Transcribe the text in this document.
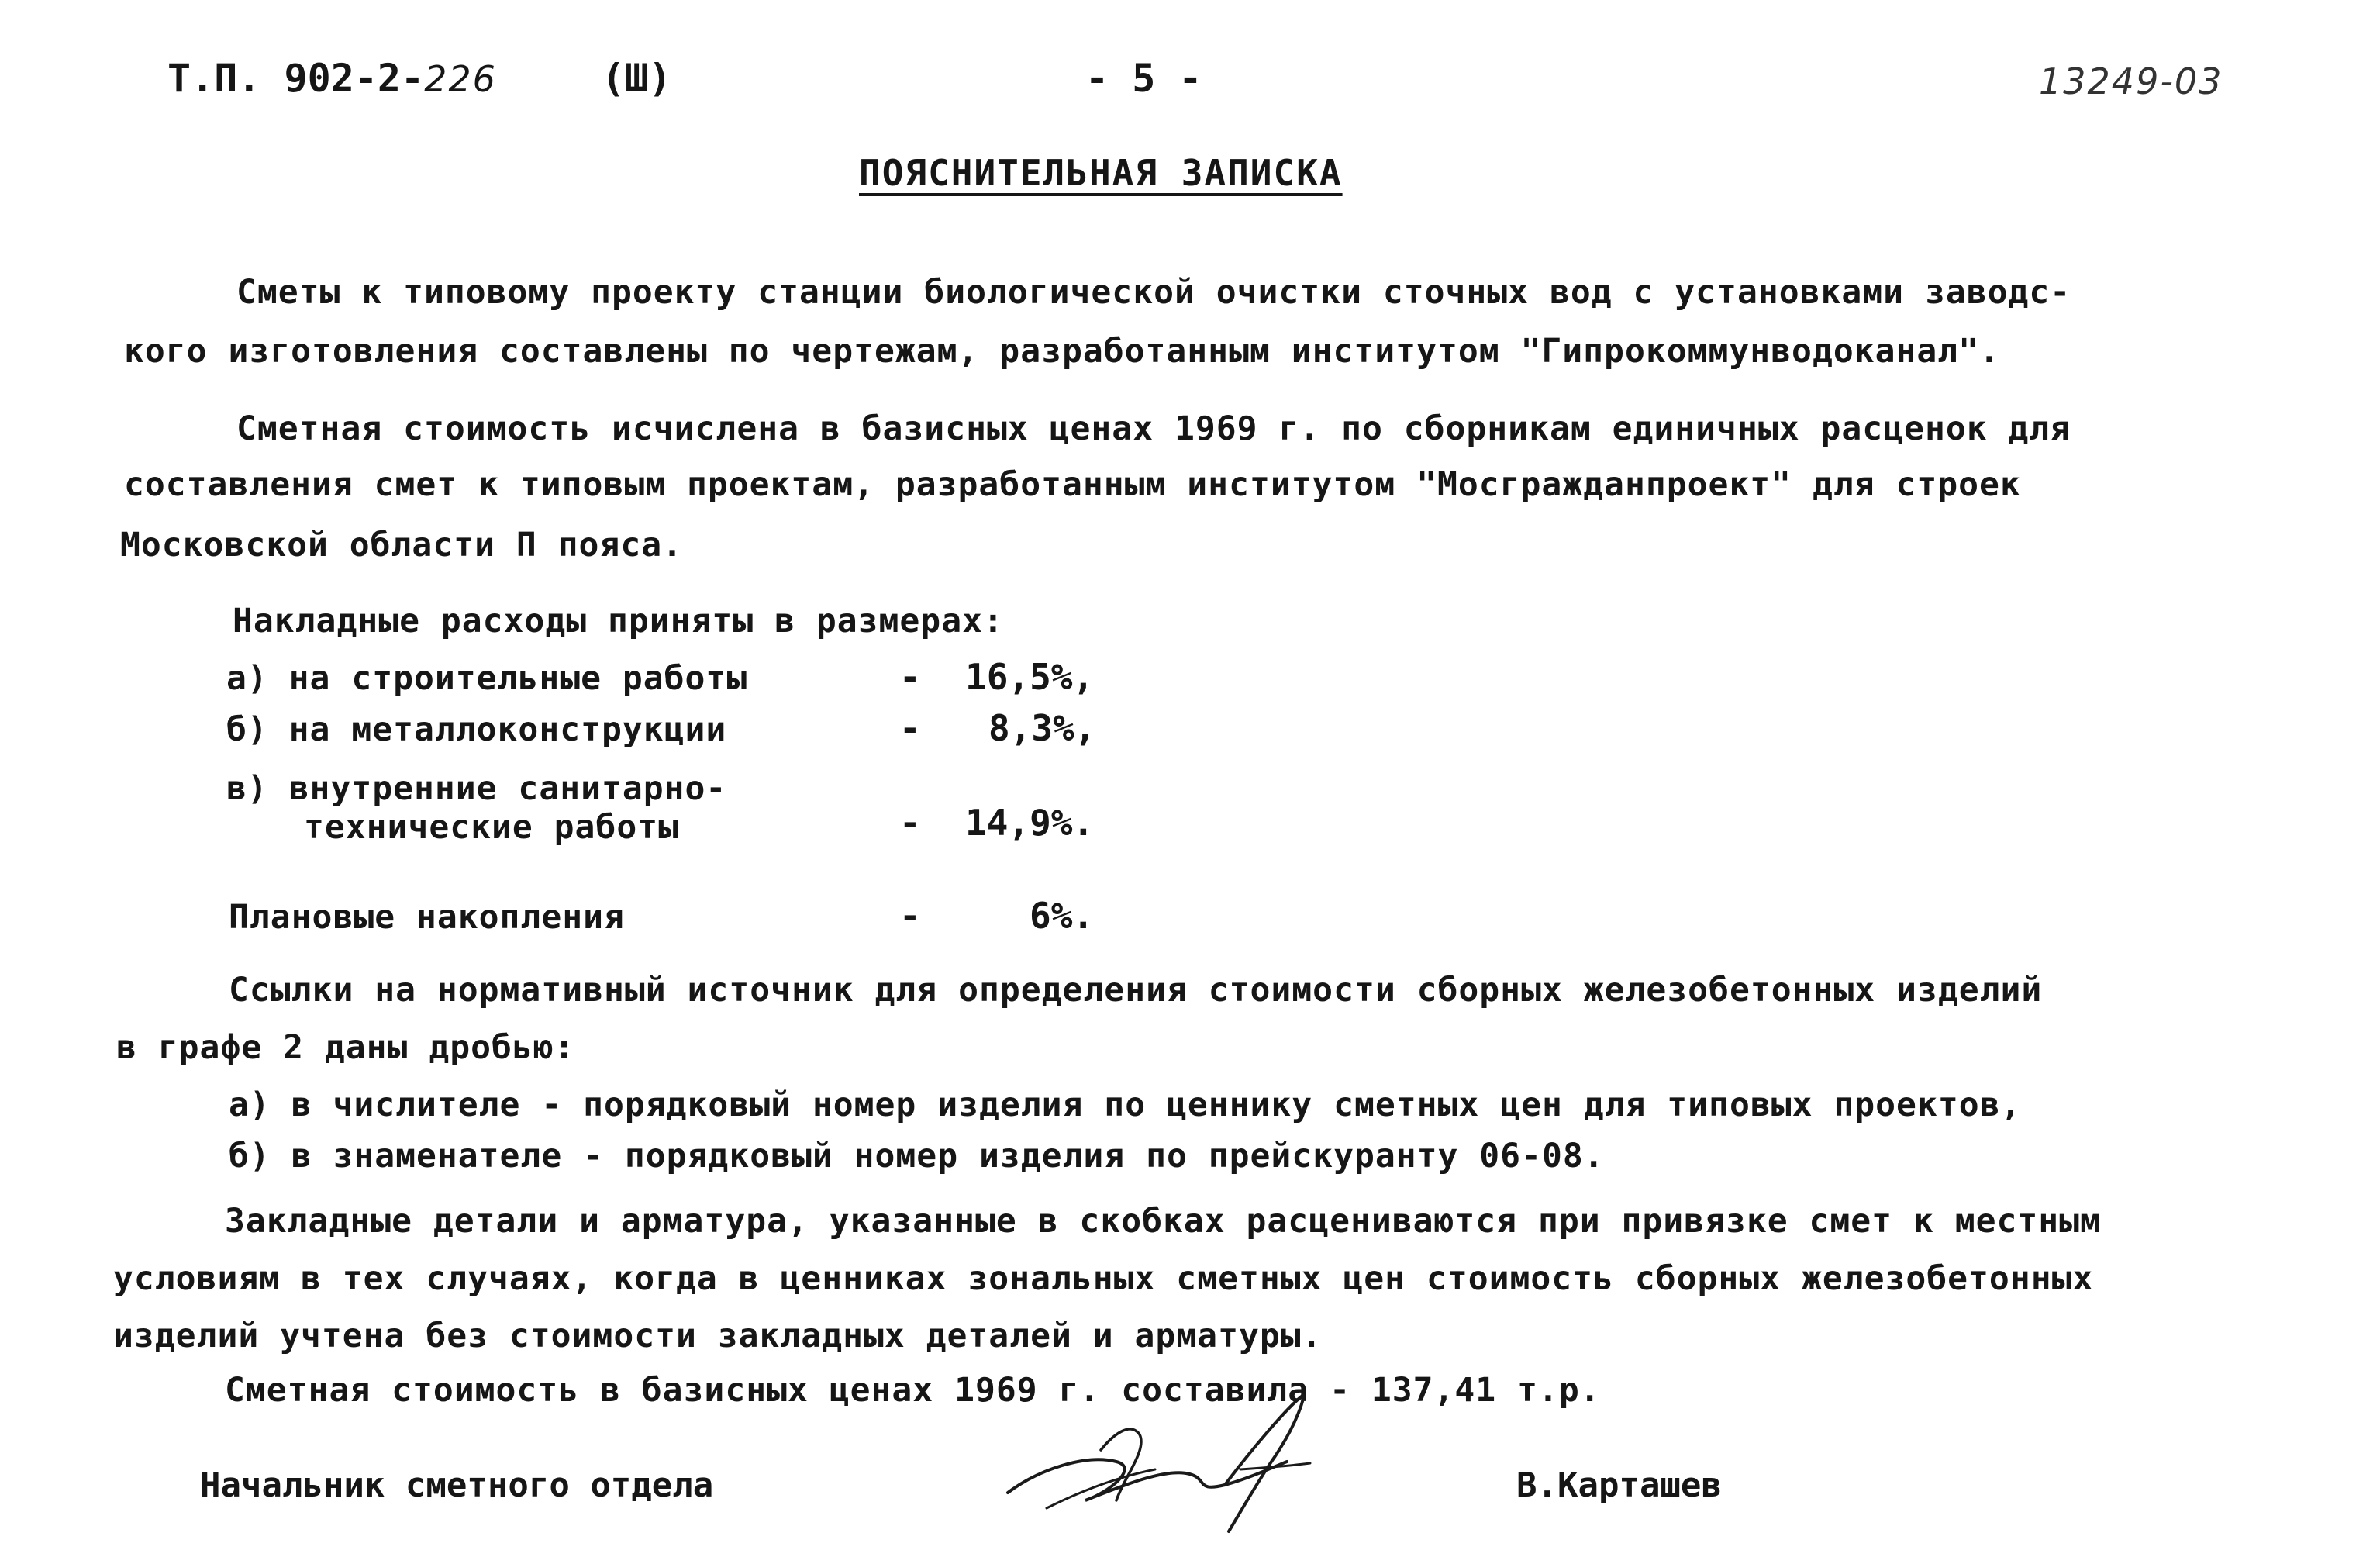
Т.П. 902-2-226	(Ш)	- 5 -	13249-03
ПОЯСНИТЕЛЬНАЯ ЗАПИСКА
Сметы к типовому проекту станции биологической очистки сточных вод с установками заводс-
кого изготовления составлены по чертежам, разработанным институтом "Гипрокоммунводоканал".
Сметная стоимость исчислена в базисных ценах 1969 г. по сборникам единичных расценок для
составления смет к типовым проектам, разработанным институтом "Мосгражданпроект" для строек
Московской области П пояса.
Накладные расходы приняты в размерах:
а) на строительные работы	- 16,5%,
б) на металлоконструкции	- 8,3%,
в) внутренние санитарно-
технические работы	- 14,9%.
Плановые накопления	-	6%.
Ссылки на нормативный источник для определения стоимости сборных железобетонных изделий
в графе 2 даны дробью:
а) в числителе - порядковый номер изделия по ценнику сметных цен для типовых проектов,
б) в знаменателе - порядковый номер изделия по прейскуранту 06-08.
Закладные детали и арматура, указанные в скобках расцениваются при привязке смет к местным
условиям в тех случаях, когда в ценниках зональных сметных цен стоимость сборных железобетонных
изделий учтена без стоимости закладных деталей и арматуры.
Сметная стоимость в базисных ценах 1969 г. составила - 137,41 т.р.
Начальник сметного отдела	В.Карташев
